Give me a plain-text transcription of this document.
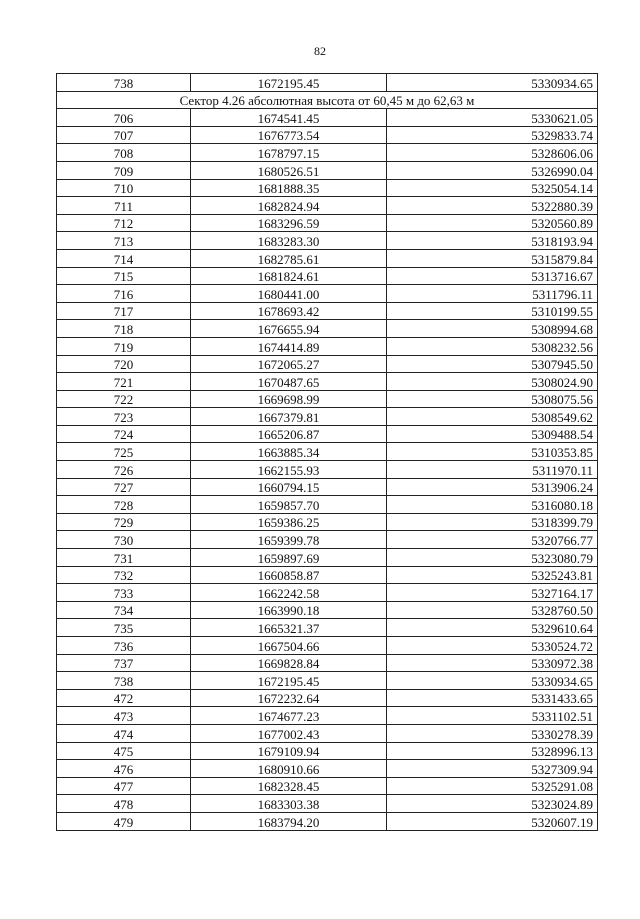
82
738	1672195.45	5330934.65
Сектор 4.26 абсолютная высота от 60,45 м до 62,63 м		
706	1674541.45	5330621.05
707	1676773.54	5329833.74
708	1678797.15	5328606.06
709	1680526.51	5326990.04
710	1681888.35	5325054.14
711	1682824.94	5322880.39
712	1683296.59	5320560.89
713	1683283.30	5318193.94
714	1682785.61	5315879.84
715	1681824.61	5313716.67
716	1680441.00	5311796.11
717	1678693.42	5310199.55
718	1676655.94	5308994.68
719	1674414.89	5308232.56
720	1672065.27	5307945.50
721	1670487.65	5308024.90
722	1669698.99	5308075.56
723	1667379.81	5308549.62
724	1665206.87	5309488.54
725	1663885.34	5310353.85
726	1662155.93	5311970.11
727	1660794.15	5313906.24
728	1659857.70	5316080.18
729	1659386.25	5318399.79
730	1659399.78	5320766.77
731	1659897.69	5323080.79
732	1660858.87	5325243.81
733	1662242.58	5327164.17
734	1663990.18	5328760.50
735	1665321.37	5329610.64
736	1667504.66	5330524.72
737	1669828.84	5330972.38
738	1672195.45	5330934.65
472	1672232.64	5331433.65
473	1674677.23	5331102.51
474	1677002.43	5330278.39
475	1679109.94	5328996.13
476	1680910.66	5327309.94
477	1682328.45	5325291.08
478	1683303.38	5323024.89
479	1683794.20	5320607.19
